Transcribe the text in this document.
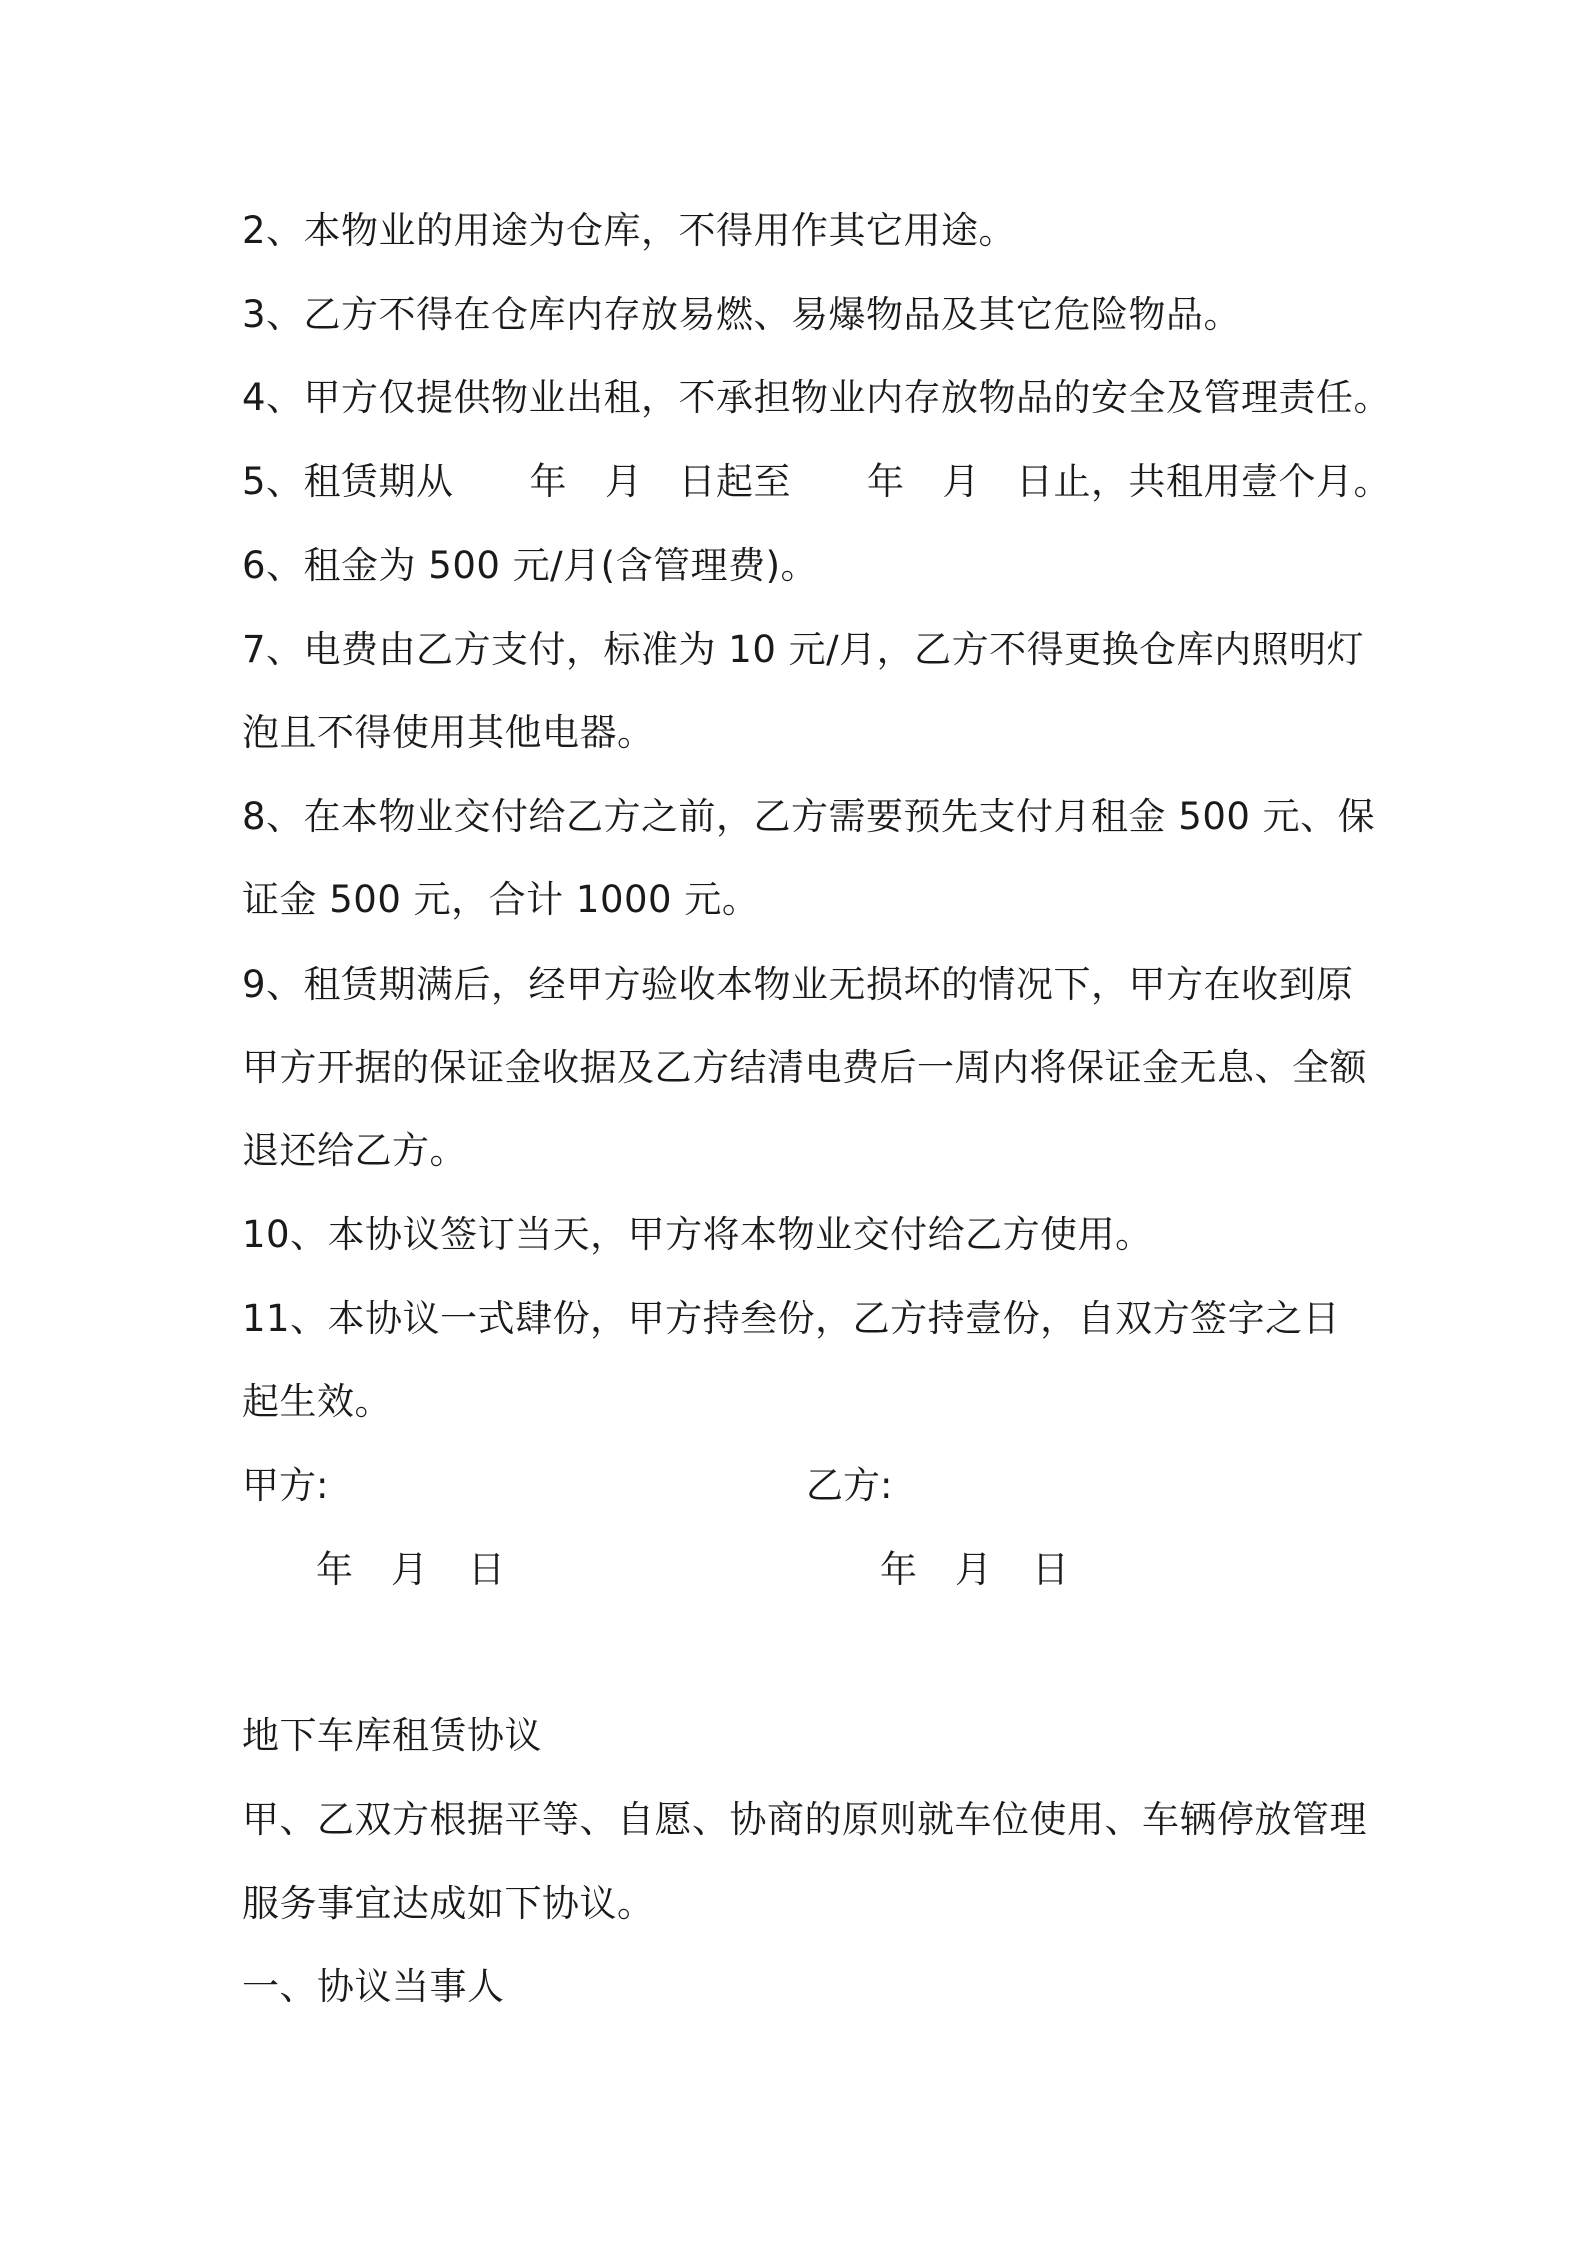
2、本物业的用途为仓库，不得用作其它用途。
3、乙方不得在仓库内存放易燃、易爆物品及其它危险物品。
4、甲方仅提供物业出租，不承担物业内存放物品的安全及管理责任。
5、租赁期从 年 月 日起至 年 月 日止，共租用壹个月。
6、租金为 500 元/月(含管理费)。
7、电费由乙方支付，标准为 10 元/月，乙方不得更换仓库内照明灯
泡且不得使用其他电器。
8、在本物业交付给乙方之前，乙方需要预先支付月租金 500 元、保
证金 500 元，合计 1000 元。
9、租赁期满后，经甲方验收本物业无损坏的情况下，甲方在收到原
甲方开据的保证金收据及乙方结清电费后一周内将保证金无息、全额
退还给乙方。
10、本协议签订当天，甲方将本物业交付给乙方使用。
11、本协议一式肆份，甲方持叁份，乙方持壹份，自双方签字之日
起生效。
甲方:	乙方:
年 月 日	年 月 日
地下车库租赁协议
甲、乙双方根据平等、自愿、协商的原则就车位使用、车辆停放管理
服务事宜达成如下协议。
一、协议当事人
